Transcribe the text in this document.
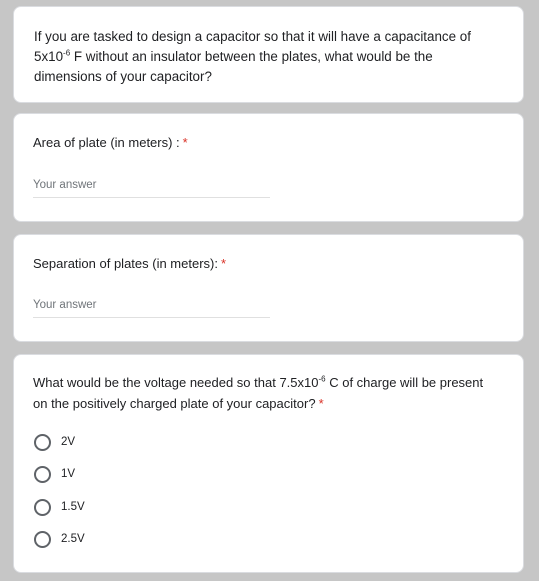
If you are tasked to design a capacitor so that it will have a capacitance of
$5x10^{-6}$ F without an insulator between the plates, what would be the
dimensions of your capacitor?
Area of plate (in meters) : *
Your answer
Separation of plates (in meters): *
Your answer
What would be the voltage needed so that $7.5x10^{-6}$ C of charge will be present
on the positively charged plate of your capacitor? *
2V
1V
1.5V
2.5V
